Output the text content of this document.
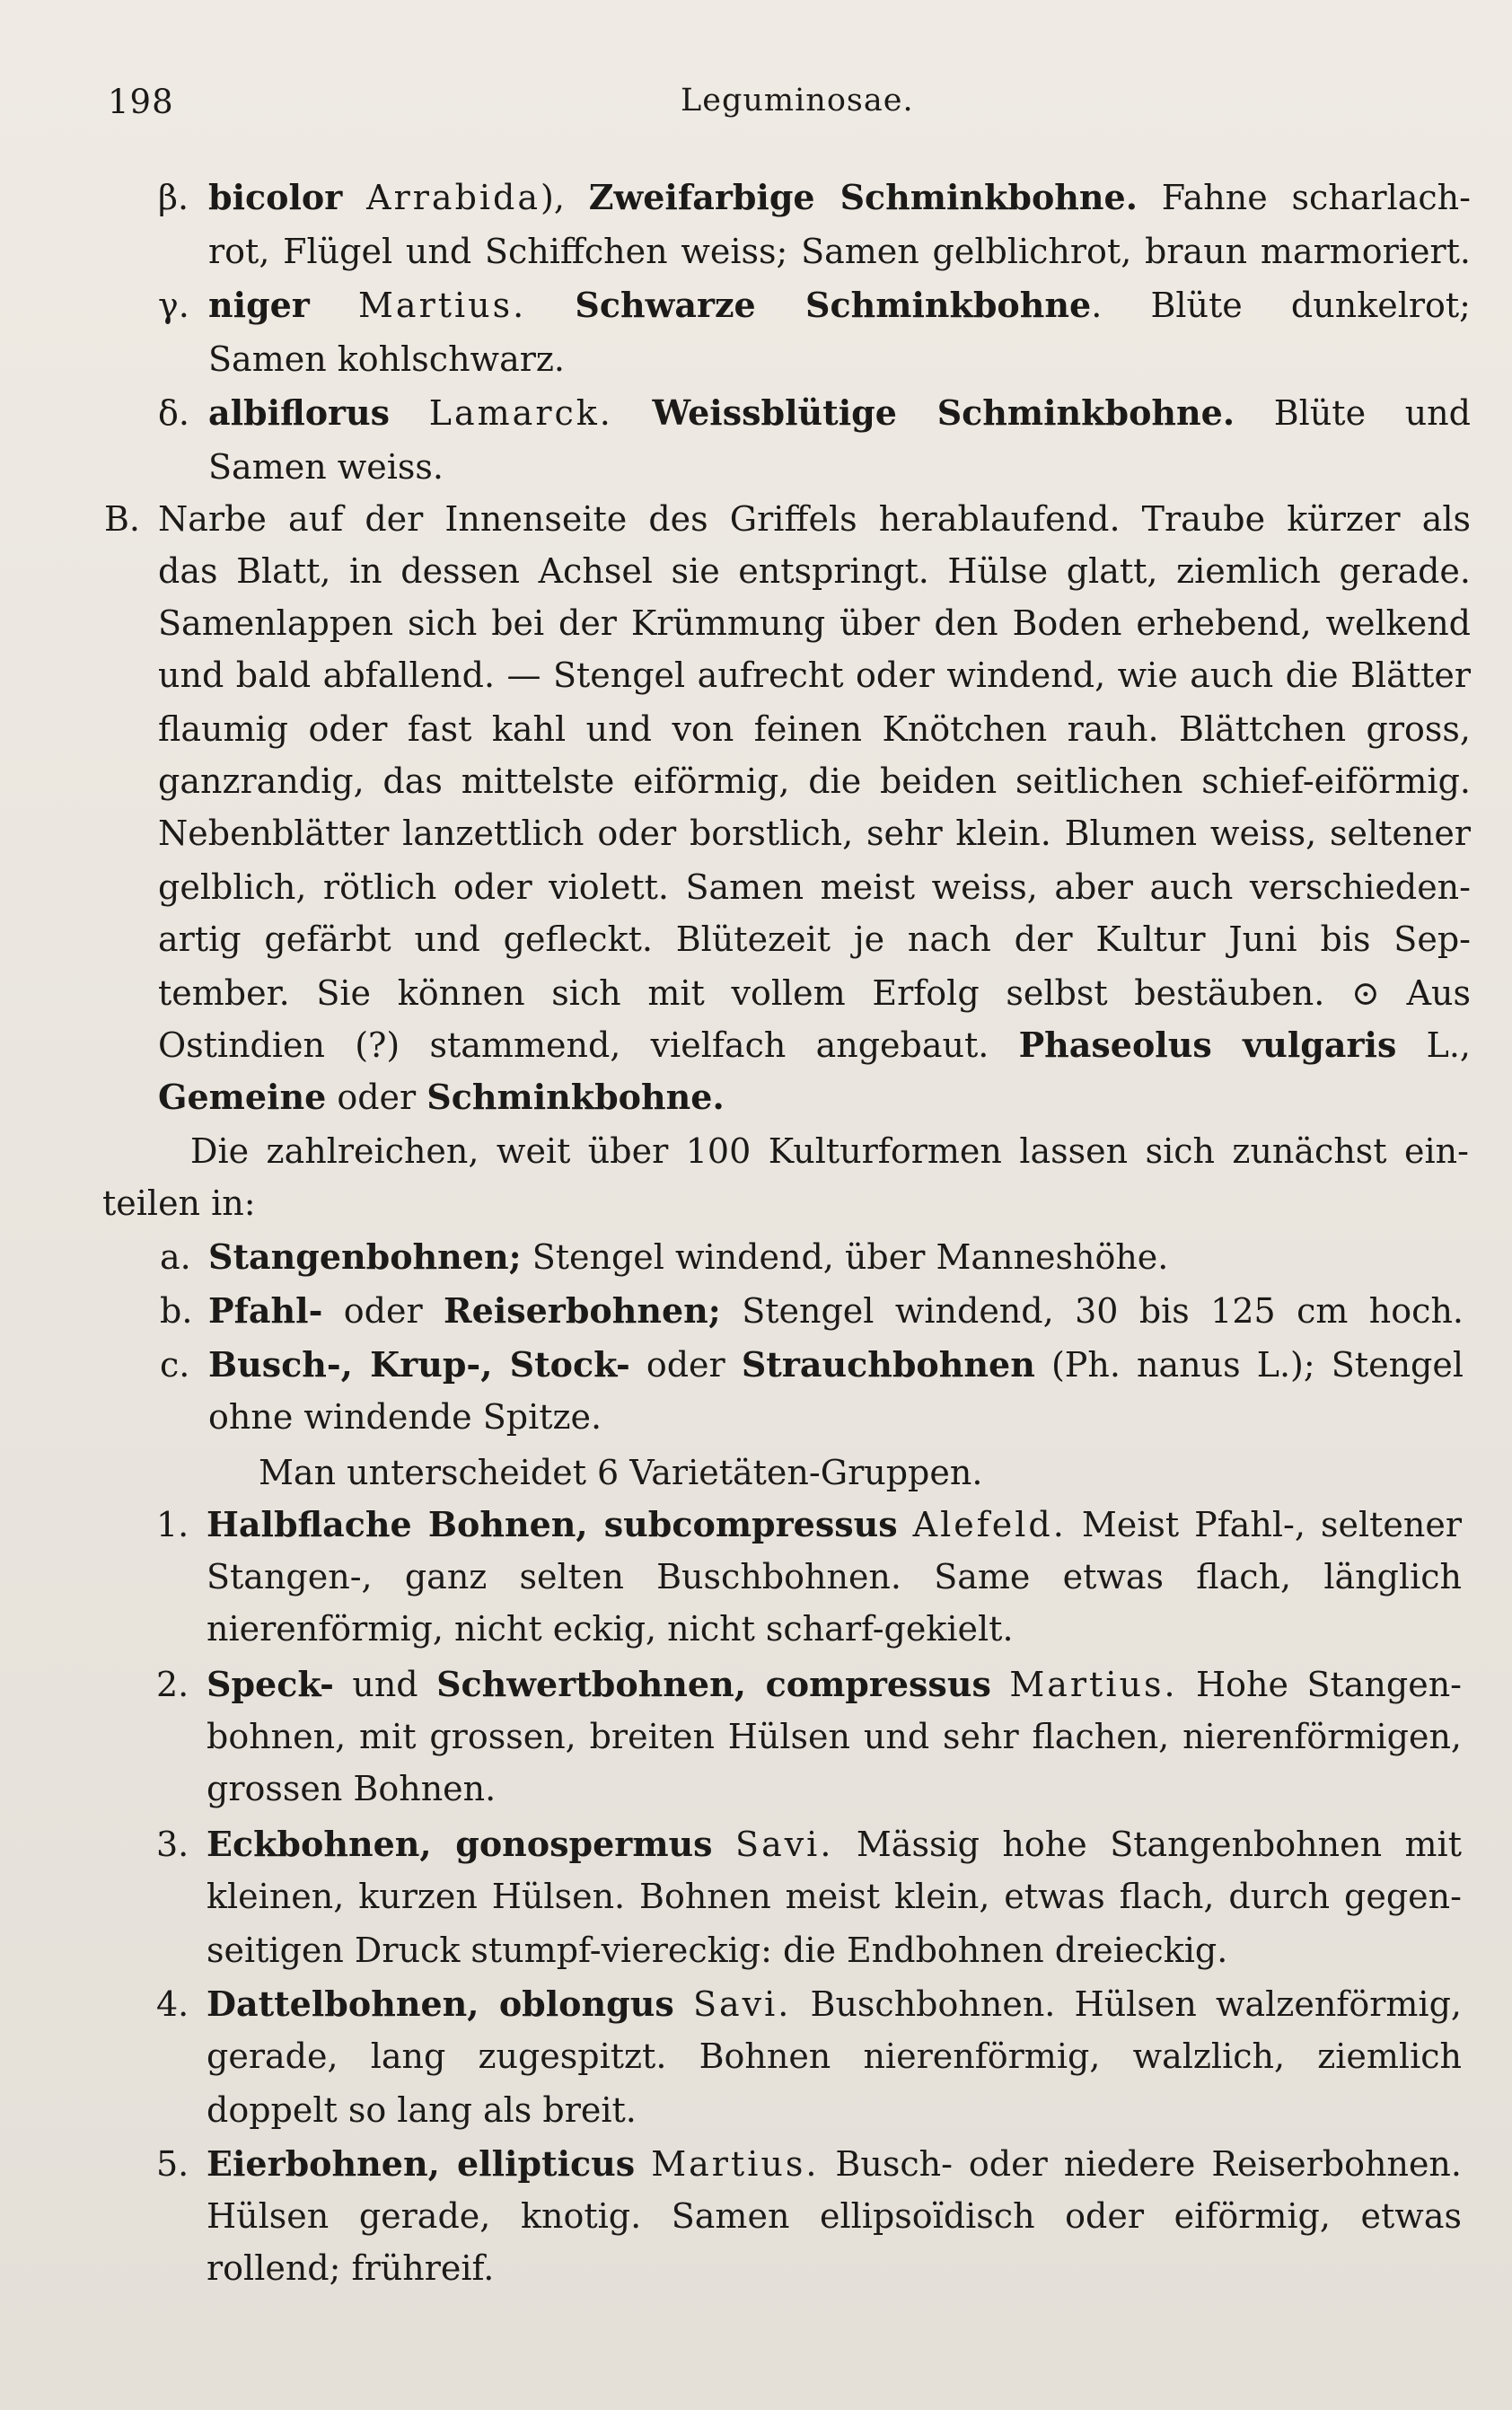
198	Leguminosae.
β. bicolor Arrabida), Zweifarbige Schminkbohne. Fahne scharlach-
rot, Flügel und Schiffchen weiss; Samen gelblichrot, braun marmoriert.
γ. niger Martius. Schwarze Schminkbohne. Blüte dunkelrot;
Samen kohlschwarz.
δ. albiflorus Lamarck. Weissblütige Schminkbohne. Blüte und
Samen weiss.
B. Narbe auf der Innenseite des Griffels herablaufend. Traube kürzer als
das Blatt, in dessen Achsel sie entspringt. Hülse glatt, ziemlich gerade.
Samenlappen sich bei der Krümmung über den Boden erhebend, welkend
und bald abfallend. — Stengel aufrecht oder windend, wie auch die Blätter
flaumig oder fast kahl und von feinen Knötchen rauh. Blättchen gross,
ganzrandig, das mittelste eiförmig, die beiden seitlichen schief-eiförmig.
Nebenblätter lanzettlich oder borstlich, sehr klein. Blumen weiss, seltener
gelblich, rötlich oder violett. Samen meist weiss, aber auch verschieden-
artig gefärbt und gefleckt. Blütezeit je nach der Kultur Juni bis Sep-
tember. Sie können sich mit vollem Erfolg selbst bestäuben. ⊙ Aus
Ostindien (?) stammend, vielfach angebaut. Phaseolus vulgaris L.,
Gemeine oder Schminkbohne.
Die zahlreichen, weit über 100 Kulturformen lassen sich zunächst ein-
teilen in:
a. Stangenbohnen; Stengel windend, über Manneshöhe.
b. Pfahl- oder Reiserbohnen; Stengel windend, 30 bis 125 cm hoch.
c. Busch-, Krup-, Stock- oder Strauchbohnen (Ph. nanus L.); Stengel
ohne windende Spitze.
Man unterscheidet 6 Varietäten-Gruppen.
1. Halbflache Bohnen, subcompressus Alefeld. Meist Pfahl-, seltener
Stangen-, ganz selten Buschbohnen. Same etwas flach, länglich
nierenförmig, nicht eckig, nicht scharf-gekielt.
2. Speck- und Schwertbohnen, compressus Martius. Hohe Stangen-
bohnen, mit grossen, breiten Hülsen und sehr flachen, nierenförmigen,
grossen Bohnen.
3. Eckbohnen, gonospermus Savi. Mässig hohe Stangenbohnen mit
kleinen, kurzen Hülsen. Bohnen meist klein, etwas flach, durch gegen-
seitigen Druck stumpf-viereckig: die Endbohnen dreieckig.
4. Dattelbohnen, oblongus Savi. Buschbohnen. Hülsen walzenförmig,
gerade, lang zugespitzt. Bohnen nierenförmig, walzlich, ziemlich
doppelt so lang als breit.
5. Eierbohnen, ellipticus Martius. Busch- oder niedere Reiserbohnen.
Hülsen gerade, knotig. Samen ellipsoïdisch oder eiförmig, etwas
rollend; frühreif.
